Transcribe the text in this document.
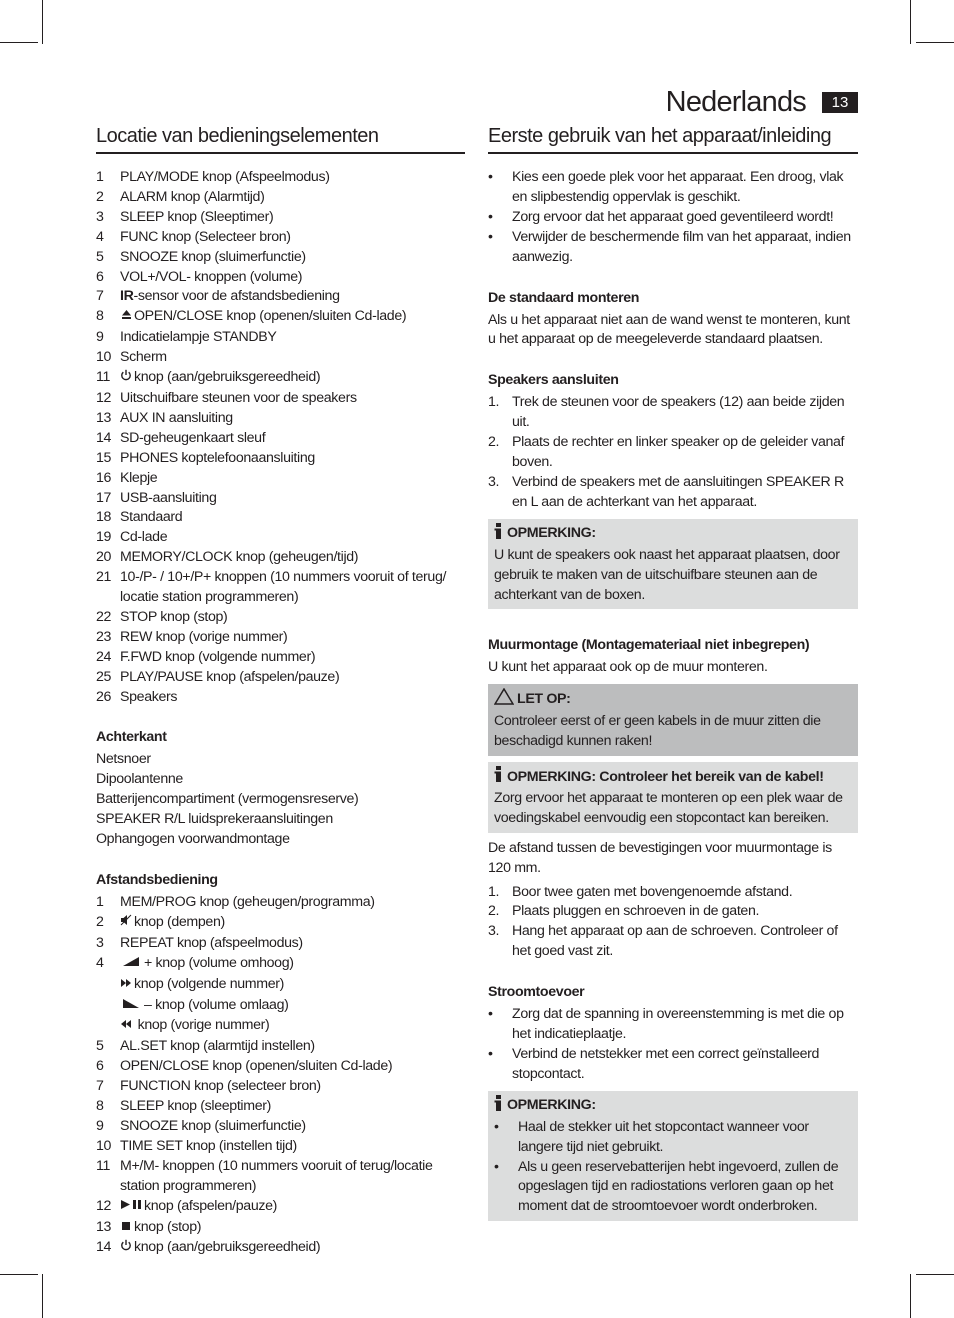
Nederlands	13
Locatie van bedieningselementen
1	PLAY/MODE knop (Afspeelmodus)
2	ALARM knop (Alarmtijd)
3	SLEEP knop (Sleeptimer)
4	FUNC knop (Selecteer bron)
5	SNOOZE knop (sluimerfunctie)
6	VOL+/VOL- knoppen (volume)
7	IR-sensor voor de afstandsbediening
8	OPEN/CLOSE knop (openen/sluiten Cd-lade)
9	Indicatielampje STANDBY
10 Scherm
11	knop (aan/gebruiksgereedheid)
12 Uitschuifbare steunen voor de speakers
13 AUX IN aansluiting
14 SD-geheugenkaart sleuf
15 PHONES koptelefoonaansluiting
16 Klepje
17 USB-aansluiting
18 Standaard
19 Cd-lade
20 MEMORY/CLOCK knop (geheugen/tijd)
21 10-/P- / 10+/P+ knoppen (10 nummers vooruit of terug/ locatie station programmeren)
22 STOP knop (stop)
23 REW knop (vorige nummer)
24 F.FWD knop (volgende nummer)
25 PLAY/PAUSE knop (afspelen/pauze)
26 Speakers
Achterkant
Netsnoer
Dipoolantenne
Batterijencompartiment (vermogensreserve)
SPEAKER R/L luidsprekeraansluitingen
Ophangogen voorwandmontage
Afstandsbediening
1	MEM/PROG knop (geheugen/programma)
2	knop (dempen)
3	REPEAT knop (afspeelmodus)
4	+ knop (volume omhoog)
knop (volgende nummer)
– knop (volume omlaag)
knop (vorige nummer)
5	AL.SET knop (alarmtijd instellen)
6	OPEN/CLOSE knop (openen/sluiten Cd-lade)
7	FUNCTION knop (selecteer bron)
8	SLEEP knop (sleeptimer)
9	SNOOZE knop (sluimerfunctie)
10 TIME SET knop (instellen tijd)
11 M+/M- knoppen (10 nummers vooruit of terug/locatie station programmeren)
12	knop (afspelen/pauze)
13	knop (stop)
14	knop (aan/gebruiksgereedheid)
Eerste gebruik van het apparaat/inleiding
•	Kies een goede plek voor het apparaat. Een droog, vlak en slipbestendig oppervlak is geschikt.
•	Zorg ervoor dat het apparaat goed geventileerd wordt!
•	Verwijder de beschermende film van het apparaat, indien aanwezig.
De standaard monteren

Als u het apparaat niet aan de wand wenst te monteren, kunt u het apparaat op de meegeleverde standaard plaatsen.

Speakers aansluiten
1. Trek de steunen voor de speakers (12) aan beide zijden uit.
2. Plaats de rechter en linker speaker op de geleider vanaf boven.
3. Verbind de speakers met de aansluitingen SPEAKER R en L aan de achterkant van het apparaat.
OPMERKING:

U kunt de speakers ook naast het apparaat plaatsen, door gebruik te maken van de uitschuifbare steunen aan de achterkant van de boxen.

Muurmontage (Montagemateriaal niet inbegrepen)

U kunt het apparaat ook op de muur monteren.

LET OP:

Controleer eerst of er geen kabels in de muur zitten die beschadigd kunnen raken!

OPMERKING: Controleer het bereik van de kabel!

Zorg ervoor het apparaat te monteren op een plek waar de voedingskabel eenvoudig een stopcontact kan bereiken.

De afstand tussen de bevestigingen voor muurmontage is 120 mm.

1. Boor twee gaten met bovengenoemde afstand.
2. Plaats pluggen en schroeven in de gaten.
3. Hang het apparaat op aan de schroeven. Controleer of het goed vast zit.
Stroomtoevoer
•	Zorg dat de spanning in overeenstemming is met die op het indicatieplaatje.
•	Verbind de netstekker met een correct geïnstalleerd stopcontact.
OPMERKING:
•	Haal de stekker uit het stopcontact wanneer voor langere tijd niet gebruikt.
•	Als u geen reservebatterijen hebt ingevoerd, zullen de opgeslagen tijd en radiostations verloren gaan op het moment dat de stroomtoevoer wordt onderbroken.
